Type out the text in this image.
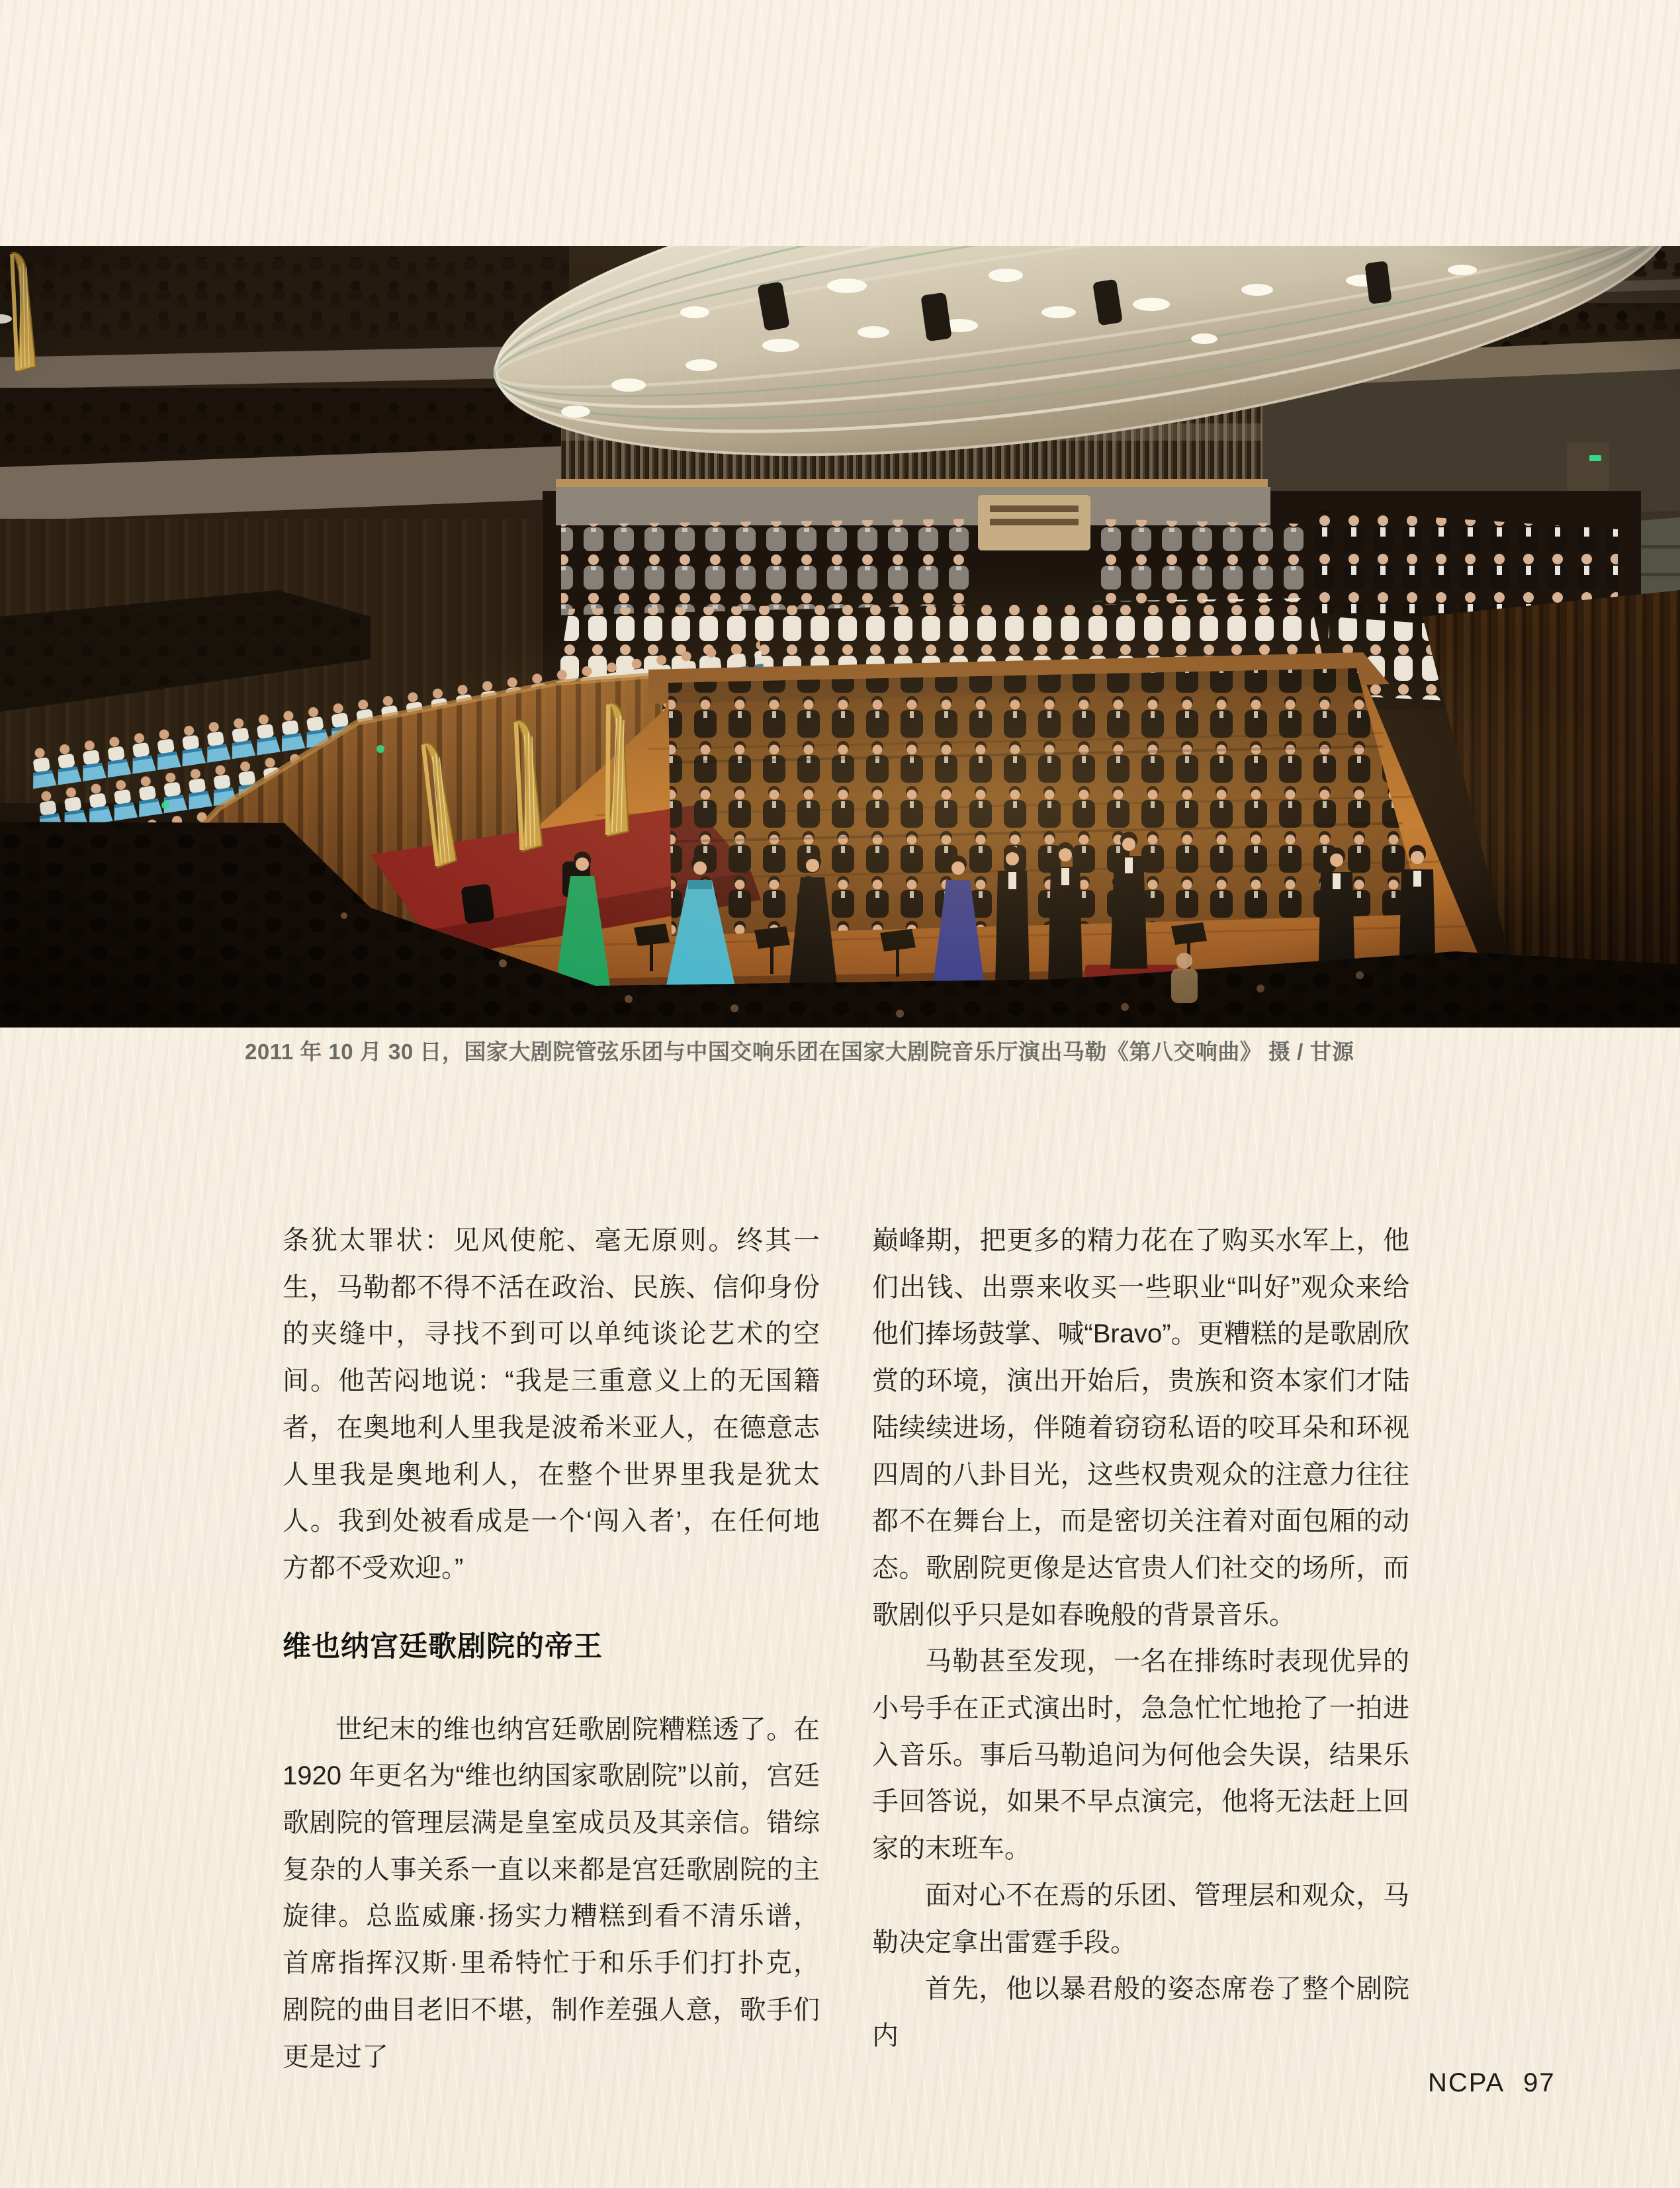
2011 年 10 月 30 日，国家大剧院管弦乐团与中国交响乐团在国家大剧院音乐厅演出马勒《第八交响曲》 摄 / 甘源

条犹太罪状：见风使舵、毫无原则。终其一生，马勒都不得不活在政治、民族、信仰身份的夹缝中，寻找不到可以单纯谈论艺术的空间。他苦闷地说：“我是三重意义上的无国籍者，在奥地利人里我是波希米亚人，在德意志人里我是奥地利人，在整个世界里我是犹太人。我到处被看成是一个‘闯入者’，在任何地方都不受欢迎。”

维也纳宫廷歌剧院的帝王

世纪末的维也纳宫廷歌剧院糟糕透了。在 1920 年更名为“维也纳国家歌剧院”以前，宫廷歌剧院的管理层满是皇室成员及其亲信。错综复杂的人事关系一直以来都是宫廷歌剧院的主旋律。总监威廉·扬实力糟糕到看不清乐谱，首席指挥汉斯·里希特忙于和乐手们打扑克，剧院的曲目老旧不堪，制作差强人意，歌手们更是过了

巅峰期，把更多的精力花在了购买水军上，他们出钱、出票来收买一些职业“叫好”观众来给他们捧场鼓掌、喊“Bravo”。更糟糕的是歌剧欣赏的环境，演出开始后，贵族和资本家们才陆陆续续进场，伴随着窃窃私语的咬耳朵和环视四周的八卦目光，这些权贵观众的注意力往往都不在舞台上，而是密切关注着对面包厢的动态。歌剧院更像是达官贵人们社交的场所，而歌剧似乎只是如春晚般的背景音乐。

马勒甚至发现，一名在排练时表现优异的小号手在正式演出时，急急忙忙地抢了一拍进入音乐。事后马勒追问为何他会失误，结果乐手回答说，如果不早点演完，他将无法赶上回家的末班车。

面对心不在焉的乐团、管理层和观众，马勒决定拿出雷霆手段。

首先，他以暴君般的姿态席卷了整个剧院内

NCPA 97
